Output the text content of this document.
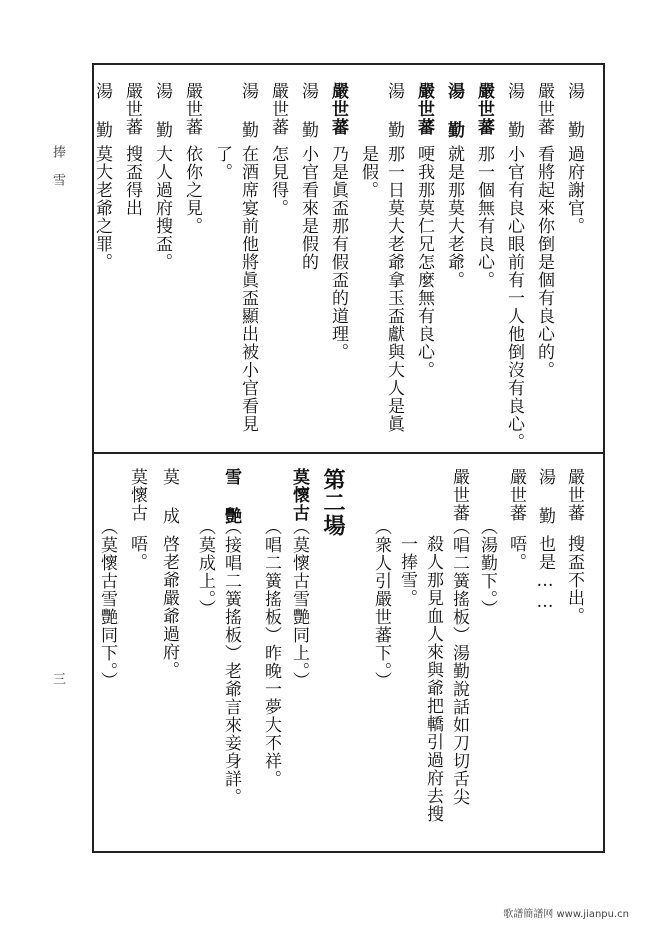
捧 雪
三
歌譜簡譜网 www.jianpu.cn
湯 勤
過府謝官。
嚴世蕃
看將起來你倒是個有良心的。
湯 勤
小官有良心眼前有一人他倒沒有良心。
嚴世蕃
那一個無有良心。
湯 勤
就是那莫大老爺。
嚴世蕃
哽我那莫仁兄怎麼無有良心。
湯 勤
那一日莫大老爺拿玉盃獻與大人是眞
是假。
嚴世蕃
乃是眞盃那有假盃的道理。
湯 勤
小官看來是假的
嚴世蕃
怎見得。
湯 勤
在酒席宴前他將眞盃顯出被小官看見
了。
嚴世蕃
依你之見。
湯 勤
大人過府搜盃。
嚴世蕃
搜盃得出
湯 勤
莫大老爺之罪。
第二場	嚴世蕃
搜盃不出。
湯 勤
也是……
嚴世蕃
唔。
（湯勤下。）
嚴世蕃
（唱二簧搖板）湯勤說話如刀切舌尖
殺人那見血人來與爺把轎引過府去搜
一捧雪。
（衆人引嚴世蕃下。）
莫懷古
（莫懷古雪艷同上。）
（唱二簧搖板）昨晚一夢大不祥。
雪 艷
（接唱二簧搖板）老爺言來妾身詳。
（莫成上。）
莫 成
啓老爺嚴爺過府。
莫懷古
唔。
（莫懷古雪艷同下。）
